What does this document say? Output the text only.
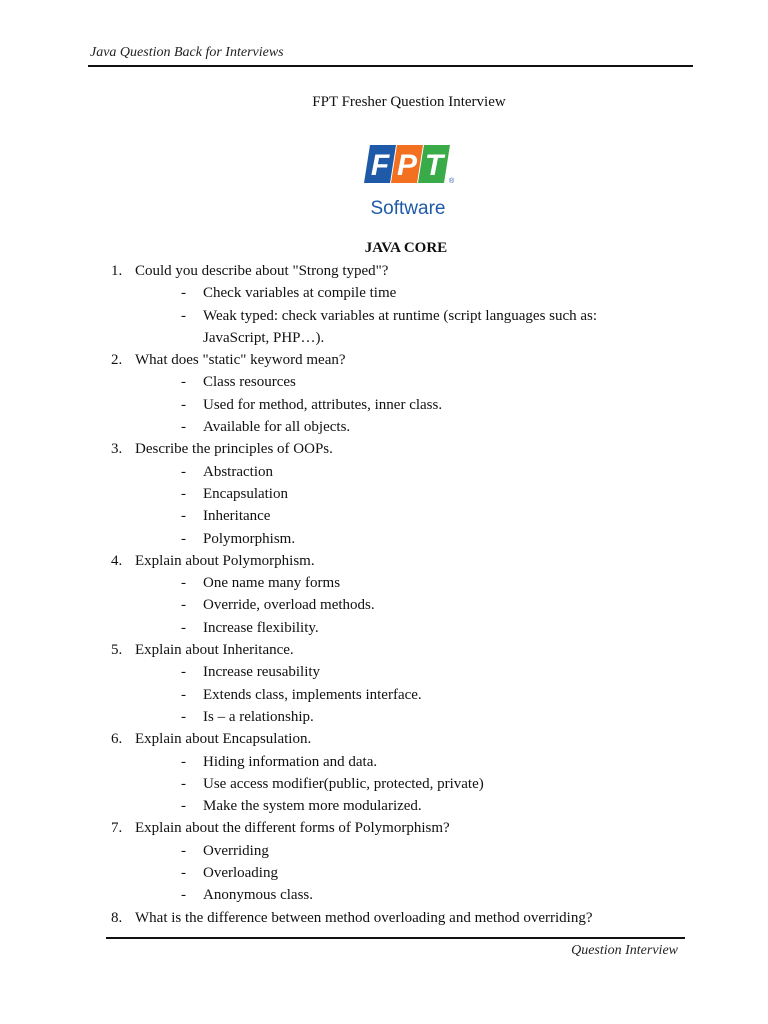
Java Question Back for Interviews
FPT Fresher Question Interview
F P T ®
Software
JAVA CORE
1. Could you describe about "Strong typed"?
- Check variables at compile time
- Weak typed: check variables at runtime (script languages such as: JavaScript, PHP…).
2. What does "static" keyword mean?
- Class resources
- Used for method, attributes, inner class.
- Available for all objects.
3. Describe the principles of OOPs.
- Abstraction
- Encapsulation
- Inheritance
- Polymorphism.
4. Explain about Polymorphism.
- One name many forms
- Override, overload methods.
- Increase flexibility.
5. Explain about Inheritance.
- Increase reusability
- Extends class, implements interface.
- Is – a relationship.
6. Explain about Encapsulation.
- Hiding information and data.
- Use access modifier(public, protected, private)
- Make the system more modularized.
7. Explain about the different forms of Polymorphism?
- Overriding
- Overloading
- Anonymous class.
8. What is the difference between method overloading and method overriding?
Question Interview
